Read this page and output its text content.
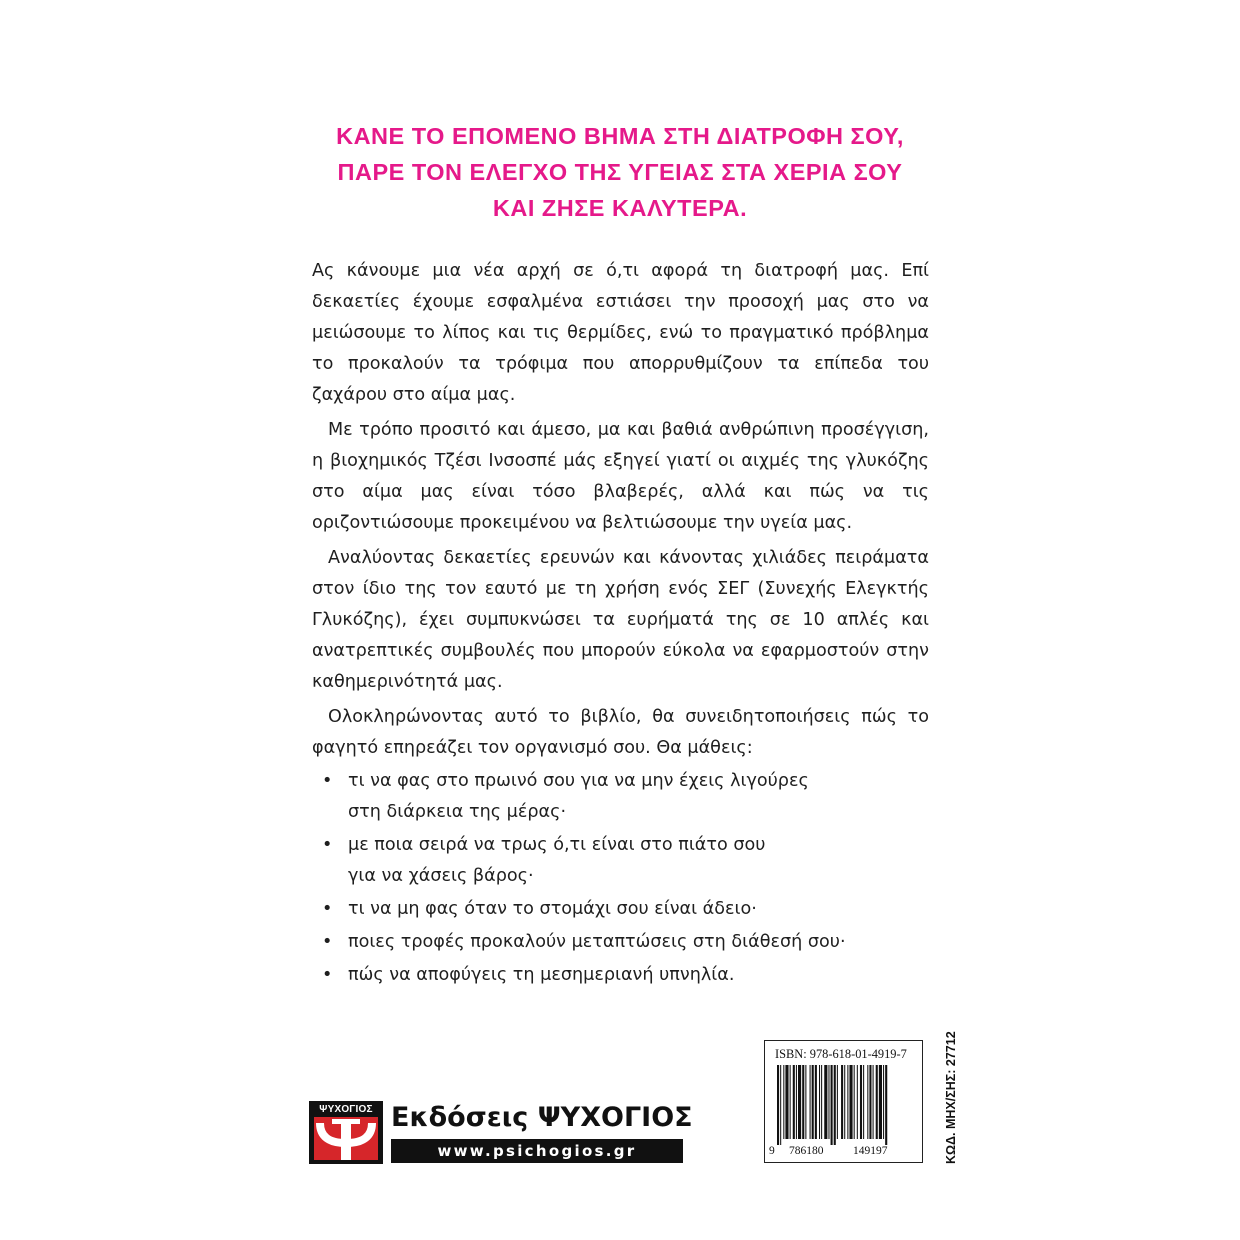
ΚΑΝΕ ΤΟ ΕΠΟΜΕΝΟ ΒΗΜΑ ΣΤΗ ΔΙΑΤΡΟΦΗ ΣΟΥ,
ΠΑΡΕ ΤΟΝ ΕΛΕΓΧΟ ΤΗΣ ΥΓΕΙΑΣ ΣΤΑ ΧΕΡΙΑ ΣΟΥ
ΚΑΙ ΖΗΣΕ ΚΑΛΥΤΕΡΑ.

Ας κάνουμε μια νέα αρχή σε ό,τι αφορά τη διατροφή μας. Επί δεκαετίες έχουμε εσφαλμένα εστιάσει την προσοχή μας στο να μειώσουμε το λίπος και τις θερμίδες, ενώ το πραγματικό πρόβλημα το προκαλούν τα τρόφιμα που απορρυθμίζουν τα επίπεδα του ζαχάρου στο αίμα μας.

Με τρόπο προσιτό και άμεσο, μα και βαθιά ανθρώπινη προσέγγιση, η βιοχημικός Τζέσι Ινσοσπέ μάς εξηγεί γιατί οι αιχμές της γλυκόζης στο αίμα μας είναι τόσο βλαβερές, αλλά και πώς να τις οριζοντιώσουμε προκειμένου να βελτιώσουμε την υγεία μας.

Αναλύοντας δεκαετίες ερευνών και κάνοντας χιλιάδες πειράματα στον ίδιο της τον εαυτό με τη χρήση ενός ΣΕΓ (Συνεχής Ελεγκτής Γλυκόζης), έχει συμπυκνώσει τα ευρήματά της σε 10 απλές και ανατρεπτικές συμβουλές που μπορούν εύκολα να εφαρμοστούν στην καθημερινότητά μας.

Ολοκληρώνοντας αυτό το βιβλίο, θα συνειδητοποιήσεις πώς το φαγητό επηρεάζει τον οργανισμό σου. Θα μάθεις:

• τι να φας στο πρωινό σου για να μην έχεις λιγούρες
στη διάρκεια της μέρας·
• με ποια σειρά να τρως ό,τι είναι στο πιάτο σου
για να χάσεις βάρος·
• τι να μη φας όταν το στομάχι σου είναι άδειο·
• ποιες τροφές προκαλούν μεταπτώσεις στη διάθεσή σου·
• πώς να αποφύγεις τη μεσημεριανή υπνηλία.
ΨΥΧΟΓΙΟΣ Εκδόσεις ΨΥΧΟΓΙΟΣ
www.psichogios.gr
ISBN: 978-618-01-4919-7
9 786180	149197	ΚΩΔ. ΜΗΧ/ΣΗΣ: 27712
